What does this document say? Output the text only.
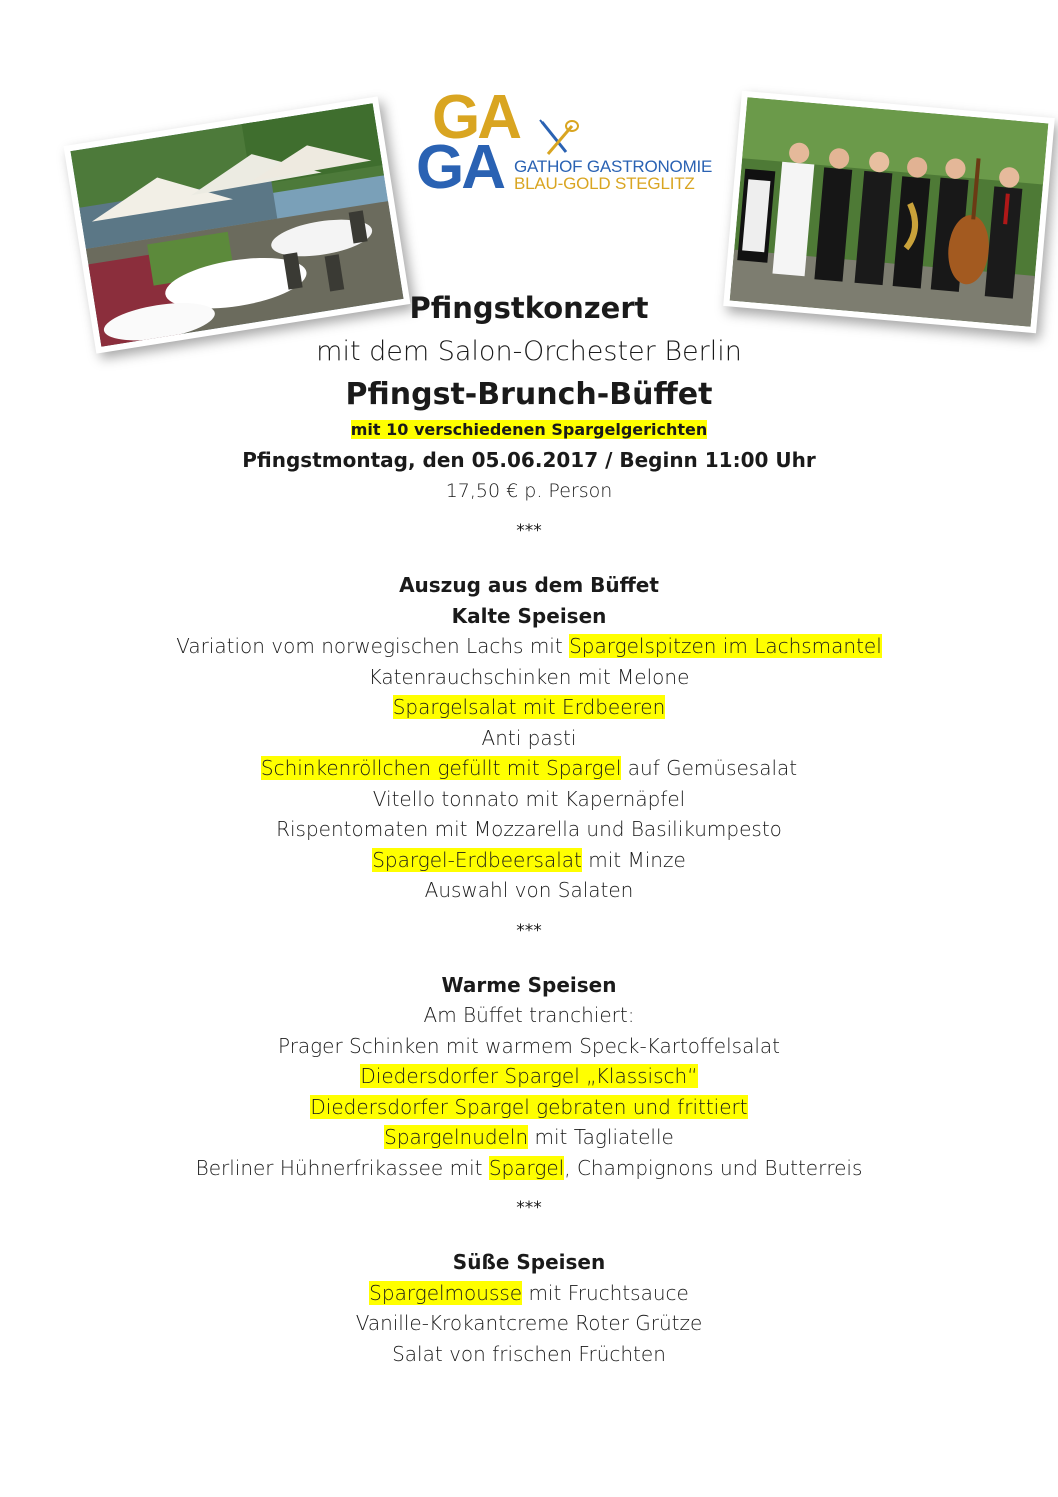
GA
GA GATHOF GASTRONOMIE
BLAU-GOLD STEGLITZ
Pfingstkonzert
mit dem Salon-Orchester Berlin
Pfingst-Brunch-Büffet
mit 10 verschiedenen Spargelgerichten
Pfingstmontag, den 05.06.2017 / Beginn 11:00 Uhr
17,50 € p. Person
***
Auszug aus dem Büffet
Kalte Speisen
Variation vom norwegischen Lachs mit Spargelspitzen im Lachsmantel
Katenrauchschinken mit Melone
Spargelsalat mit Erdbeeren
Anti pasti
Schinkenröllchen gefüllt mit Spargel auf Gemüsesalat
Vitello tonnato mit Kapernäpfel
Rispentomaten mit Mozzarella und Basilikumpesto
Spargel-Erdbeersalat mit Minze
Auswahl von Salaten
***
Warme Speisen
Am Büffet tranchiert:
Prager Schinken mit warmem Speck-Kartoffelsalat
Diedersdorfer Spargel „Klassisch“
Diedersdorfer Spargel gebraten und frittiert
Spargelnudeln mit Tagliatelle
Berliner Hühnerfrikassee mit Spargel, Champignons und Butterreis
***
Süße Speisen
Spargelmousse mit Fruchtsauce
Vanille-Krokantcreme Roter Grütze
Salat von frischen Früchten
